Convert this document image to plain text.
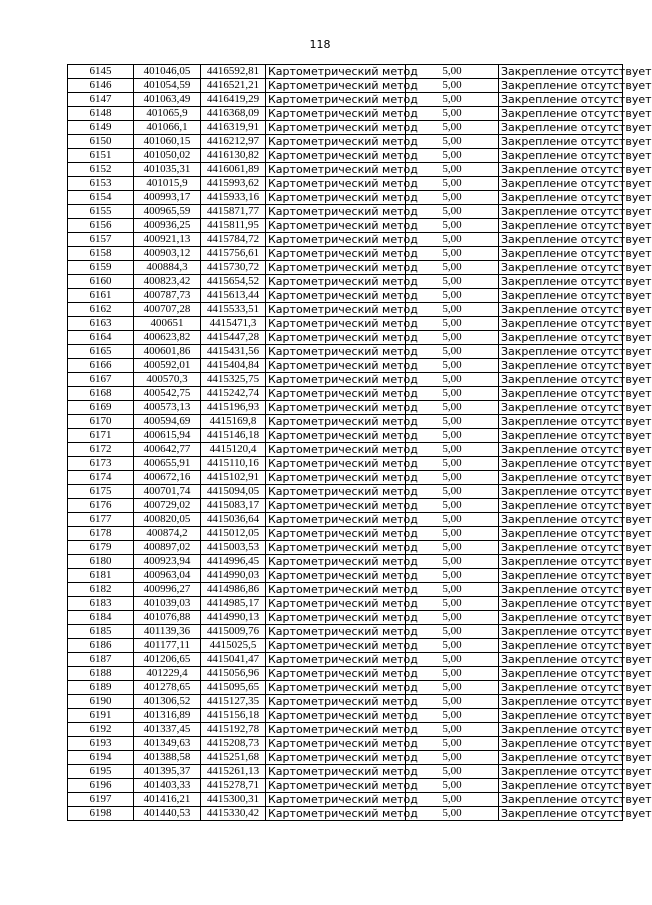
118
6145	401046,05	4416592,81	Картометрический метод	5,00	Закрепление отсутствует
6146	401054,59	4416521,21	Картометрический метод	5,00	Закрепление отсутствует
6147	401063,49	4416419,29	Картометрический метод	5,00	Закрепление отсутствует
6148	401065,9	4416368,09	Картометрический метод	5,00	Закрепление отсутствует
6149	401066,1	4416319,91	Картометрический метод	5,00	Закрепление отсутствует
6150	401060,15	4416212,97	Картометрический метод	5,00	Закрепление отсутствует
6151	401050,02	4416130,82	Картометрический метод	5,00	Закрепление отсутствует
6152	401035,31	4416061,89	Картометрический метод	5,00	Закрепление отсутствует
6153	401015,9	4415993,62	Картометрический метод	5,00	Закрепление отсутствует
6154	400993,17	4415933,16	Картометрический метод	5,00	Закрепление отсутствует
6155	400965,59	4415871,77	Картометрический метод	5,00	Закрепление отсутствует
6156	400936,25	4415811,95	Картометрический метод	5,00	Закрепление отсутствует
6157	400921,13	4415784,72	Картометрический метод	5,00	Закрепление отсутствует
6158	400903,12	4415756,61	Картометрический метод	5,00	Закрепление отсутствует
6159	400884,3	4415730,72	Картометрический метод	5,00	Закрепление отсутствует
6160	400823,42	4415654,52	Картометрический метод	5,00	Закрепление отсутствует
6161	400787,73	4415613,44	Картометрический метод	5,00	Закрепление отсутствует
6162	400707,28	4415533,51	Картометрический метод	5,00	Закрепление отсутствует
6163	400651	4415471,3	Картометрический метод	5,00	Закрепление отсутствует
6164	400623,82	4415447,28	Картометрический метод	5,00	Закрепление отсутствует
6165	400601,86	4415431,56	Картометрический метод	5,00	Закрепление отсутствует
6166	400592,01	4415404,84	Картометрический метод	5,00	Закрепление отсутствует
6167	400570,3	4415325,75	Картометрический метод	5,00	Закрепление отсутствует
6168	400542,75	4415242,74	Картометрический метод	5,00	Закрепление отсутствует
6169	400573,13	4415196,93	Картометрический метод	5,00	Закрепление отсутствует
6170	400594,69	4415169,8	Картометрический метод	5,00	Закрепление отсутствует
6171	400615,94	4415146,18	Картометрический метод	5,00	Закрепление отсутствует
6172	400642,77	4415120,4	Картометрический метод	5,00	Закрепление отсутствует
6173	400655,91	4415110,16	Картометрический метод	5,00	Закрепление отсутствует
6174	400672,16	4415102,91	Картометрический метод	5,00	Закрепление отсутствует
6175	400701,74	4415094,05	Картометрический метод	5,00	Закрепление отсутствует
6176	400729,02	4415083,17	Картометрический метод	5,00	Закрепление отсутствует
6177	400820,05	4415036,64	Картометрический метод	5,00	Закрепление отсутствует
6178	400874,2	4415012,05	Картометрический метод	5,00	Закрепление отсутствует
6179	400897,02	4415003,53	Картометрический метод	5,00	Закрепление отсутствует
6180	400923,94	4414996,45	Картометрический метод	5,00	Закрепление отсутствует
6181	400963,04	4414990,03	Картометрический метод	5,00	Закрепление отсутствует
6182	400996,27	4414986,86	Картометрический метод	5,00	Закрепление отсутствует
6183	401039,03	4414985,17	Картометрический метод	5,00	Закрепление отсутствует
6184	401076,88	4414990,13	Картометрический метод	5,00	Закрепление отсутствует
6185	401139,36	4415009,76	Картометрический метод	5,00	Закрепление отсутствует
6186	401177,11	4415025,5	Картометрический метод	5,00	Закрепление отсутствует
6187	401206,65	4415041,47	Картометрический метод	5,00	Закрепление отсутствует
6188	401229,4	4415056,96	Картометрический метод	5,00	Закрепление отсутствует
6189	401278,65	4415095,65	Картометрический метод	5,00	Закрепление отсутствует
6190	401306,52	4415127,35	Картометрический метод	5,00	Закрепление отсутствует
6191	401316,89	4415156,18	Картометрический метод	5,00	Закрепление отсутствует
6192	401337,45	4415192,78	Картометрический метод	5,00	Закрепление отсутствует
6193	401349,63	4415208,73	Картометрический метод	5,00	Закрепление отсутствует
6194	401388,58	4415251,68	Картометрический метод	5,00	Закрепление отсутствует
6195	401395,37	4415261,13	Картометрический метод	5,00	Закрепление отсутствует
6196	401403,33	4415278,71	Картометрический метод	5,00	Закрепление отсутствует
6197	401416,21	4415300,31	Картометрический метод	5,00	Закрепление отсутствует
6198	401440,53	4415330,42	Картометрический метод	5,00	Закрепление отсутствует
